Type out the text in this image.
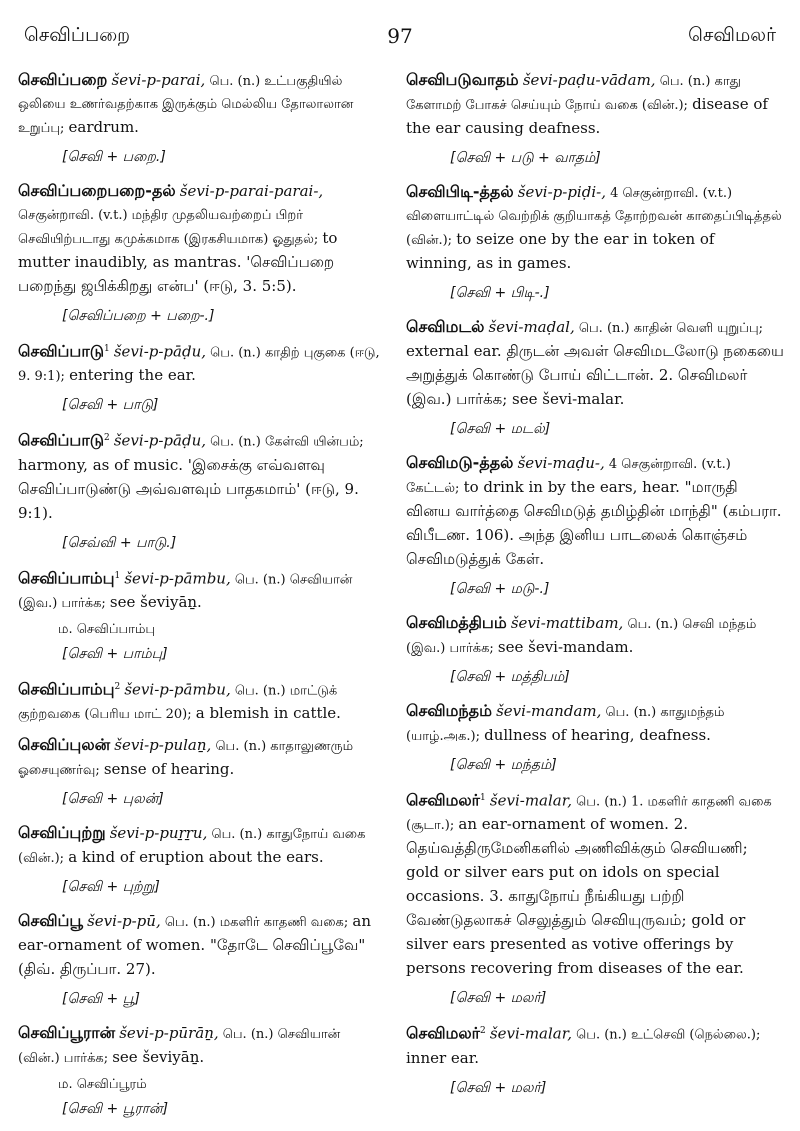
செவிப்பறை	97	செவிமலர்
செவிப்பறை ševi-p-parai, பெ. (n.) உட்பகுதியில் ஒலியை உணர்வதற்காக இருக்கும் மெல்லிய தோலாலான உறுப்பு; eardrum.
[செவி + பறை.]
செவிப்பறைபறை-தல் ševi-p-parai-parai-, செகுன்றாவி. (v.t.) மந்திர முதலியவற்றைப் பிறர் செவியிற்படாது கமுக்கமாக (இரகசியமாக) ஓதுதல்; to mutter inaudibly, as mantras. 'செவிப்பறை பறைந்து ஜபிக்கிறது என்ப' (ஈடு, 3. 5:5).
[செவிப்பறை + பறை-.]
செவிப்பாடு$^1$ ševi-p-pāḍu, பெ. (n.) காதிற் புகுகை (ஈடு, 9. 9:1); entering the ear.
[செவி + பாடு]
செவிப்பாடு$^2$ ševi-p-pāḍu, பெ. (n.) கேள்வி யின்பம்; harmony, as of music. 'இசைக்கு எவ்வளவு செவிப்பாடுண்டு அவ்வளவும் பாதகமாம்' (ஈடு, 9. 9:1).
[செவ்வி + பாடு.]
செவிப்பாம்பு$^1$ ševi-p-pāmbu, பெ. (n.) செவியான் (இவ.) பார்க்க; see ševiyāṉ.
ம. செவிப்பாம்பு
[செவி + பாம்பு]
செவிப்பாம்பு$^2$ ševi-p-pāmbu, பெ. (n.) மாட்டுக் குற்றவகை (பெரிய மாட் 20); a blemish in cattle.
செவிப்புலன் ševi-p-pulaṉ, பெ. (n.) காதாலுணரும் ஓசையுணர்வு; sense of hearing.
[செவி + புலன்]
செவிப்புற்று ševi-p-puṟṟu, பெ. (n.) காதுநோய் வகை (வின்.); a kind of eruption about the ears.
[செவி + புற்று]
செவிப்பூ ševi-p-pū, பெ. (n.) மகளிர் காதணி வகை; an ear-ornament of women. "தோடே செவிப்பூவே" (திவ். திருப்பா. 27).
[செவி + பூ]
செவிப்பூரான் ševi-p-pūrāṉ, பெ. (n.) செவியான் (வின்.) பார்க்க; see ševiyāṉ.
ம. செவிப்பூரம்
[செவி + பூரான்]
செவிபடுவாதம் ševi-paḍu-vādam, பெ. (n.) காது கேளாமற் போகச் செய்யும் நோய் வகை (வின்.); disease of the ear causing deafness.
[செவி + படு + வாதம்]
செவிபிடி-த்தல் ševi-p-piḍi-, 4 செகுன்றாவி. (v.t.) விளையாட்டில் வெற்றிக் குறியாகத் தோற்றவன் காதைப்பிடித்தல் (வின்.); to seize one by the ear in token of winning, as in games.
[செவி + பிடி-.]
செவிமடல் ševi-maḍal, பெ. (n.) காதின் வெளி யுறுப்பு; external ear. திருடன் அவள் செவிமடலோடு நகையை அறுத்துக் கொண்டு போய் விட்டான். 2. செவிமலர் (இவ.) பார்க்க; see ševi-malar.
[செவி + மடல்]
செவிமடு-த்தல் ševi-maḍu-, 4 செகுன்றாவி. (v.t.) கேட்டல்; to drink in by the ears, hear. "மாருதி வினய வார்த்தை செவிமடுத் தமிழ்தின் மாந்தி" (கம்பரா. விபீடண. 106). அந்த இனிய பாடலைக் கொஞ்சம் செவிமடுத்துக் கேள்.
[செவி + மடு-.]
செவிமத்திபம் ševi-mattibam, பெ. (n.) செவி மந்தம் (இவ.) பார்க்க; see ševi-mandam.
[செவி + மத்திபம்]
செவிமந்தம் ševi-mandam, பெ. (n.) காதுமந்தம் (யாழ்.அக.); dullness of hearing, deafness.
[செவி + மந்தம்]
செவிமலர்$^1$ ševi-malar, பெ. (n.) 1. மகளிர் காதணி வகை (சூடா.); an ear-ornament of women. 2. தெய்வத்திருமேனிகளில் அணிவிக்கும் செவியணி; gold or silver ears put on idols on special occasions. 3. காதுநோய் நீங்கியது பற்றி வேண்டுதலாகச் செலுத்தும் செவியுருவம்; gold or silver ears presented as votive offerings by persons recovering from diseases of the ear.
[செவி + மலர்]
செவிமலர்$^2$ ševi-malar, பெ. (n.) உட்செவி (நெல்லை.); inner ear.
[செவி + மலர்]
